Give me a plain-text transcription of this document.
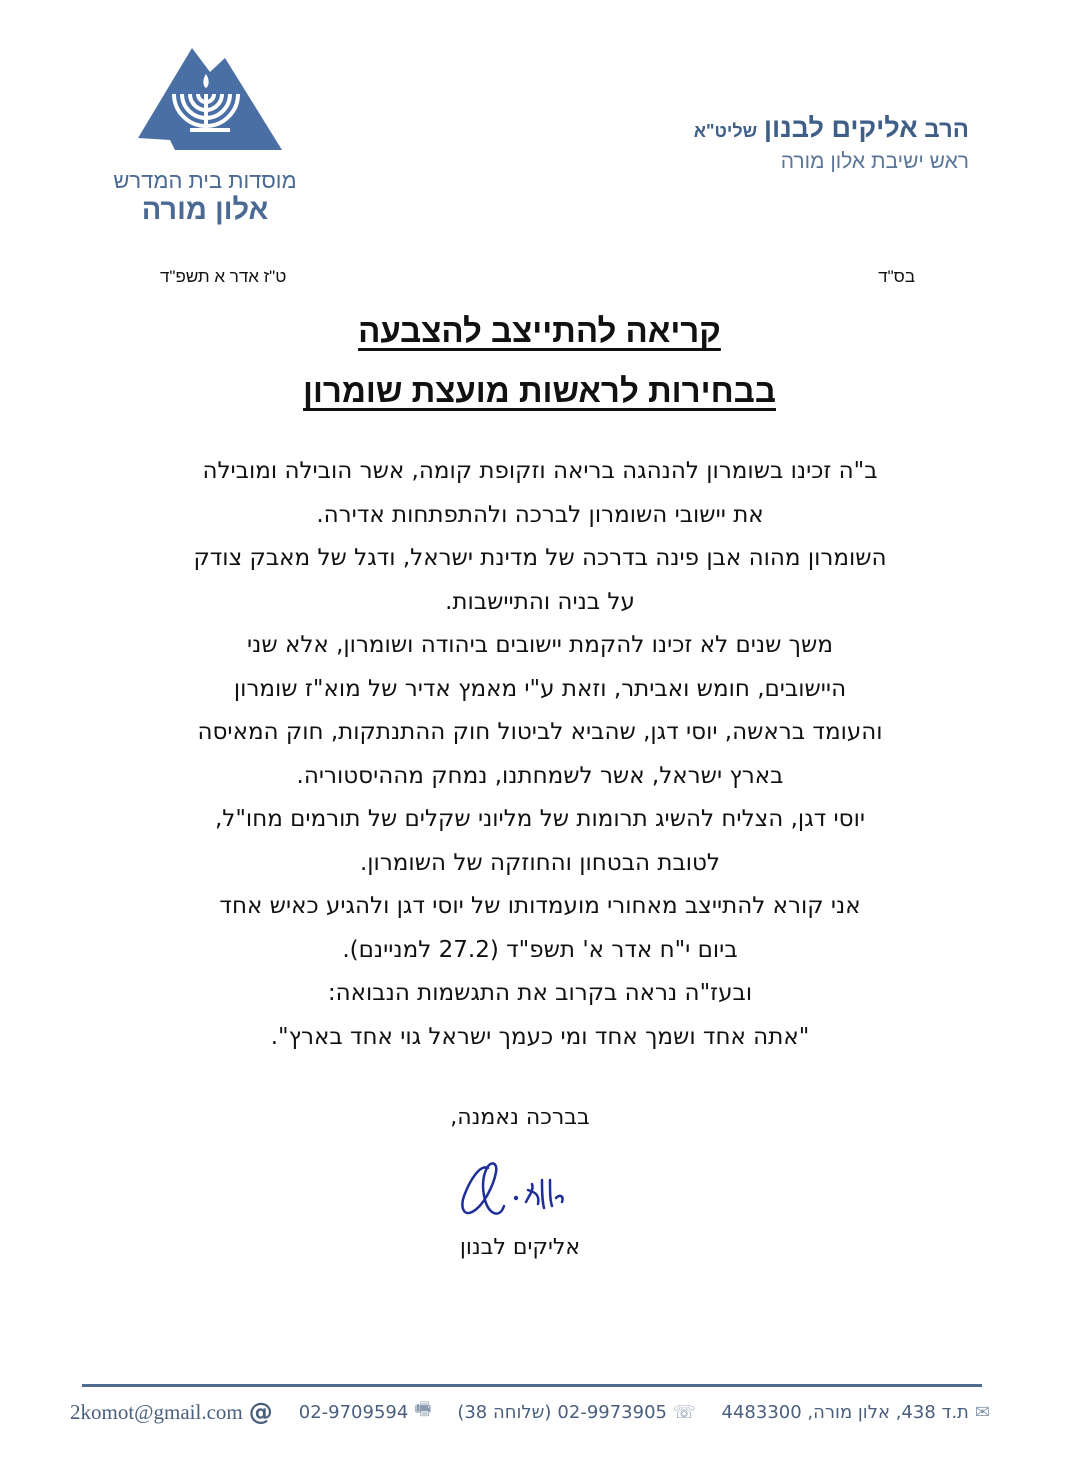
מוסדות בית המדרש
אלון מורה
הרב אליקים לבנון שליט"א
ראש ישיבת אלון מורה
בס"ד
ט"ז אדר א תשפ"ד
קריאה להתייצב להצבעה
בבחירות לראשות מועצת שומרון
ב"ה זכינו בשומרון להנהגה בריאה וזקופת קומה, אשר הובילה ומובילה
את יישובי השומרון לברכה ולהתפתחות אדירה.
השומרון מהוה אבן פינה בדרכה של מדינת ישראל, ודגל של מאבק צודק
על בניה והתיישבות.
משך שנים לא זכינו להקמת יישובים ביהודה ושומרון, אלא שני
היישובים, חומש ואביתר, וזאת ע"י מאמץ אדיר של מוא"ז שומרון
והעומד בראשה, יוסי דגן, שהביא לביטול חוק ההתנתקות, חוק המאיסה
בארץ ישראל, אשר לשמחתנו, נמחק מההיסטוריה.
יוסי דגן, הצליח להשיג תרומות של מליוני שקלים של תורמים מחו"ל,
לטובת הבטחון והחוזקה של השומרון.
אני קורא להתייצב מאחורי מועמדותו של יוסי דגן ולהגיע כאיש אחד
ביום י"ח אדר א' תשפ"ד (27.2 למניינם).
ובעז"ה נראה בקרוב את התגשמות הנבואה:
"אתה אחד ושמך אחד ומי כעמך ישראל גוי אחד בארץ".
בברכה נאמנה,
אליקים לבנון
2komot@gmail.com @ 02-9709594 🖷 (שלוחה 38) 02-9973905 ☏ ת.ד 438, אלון מורה, 4483300 ✉
